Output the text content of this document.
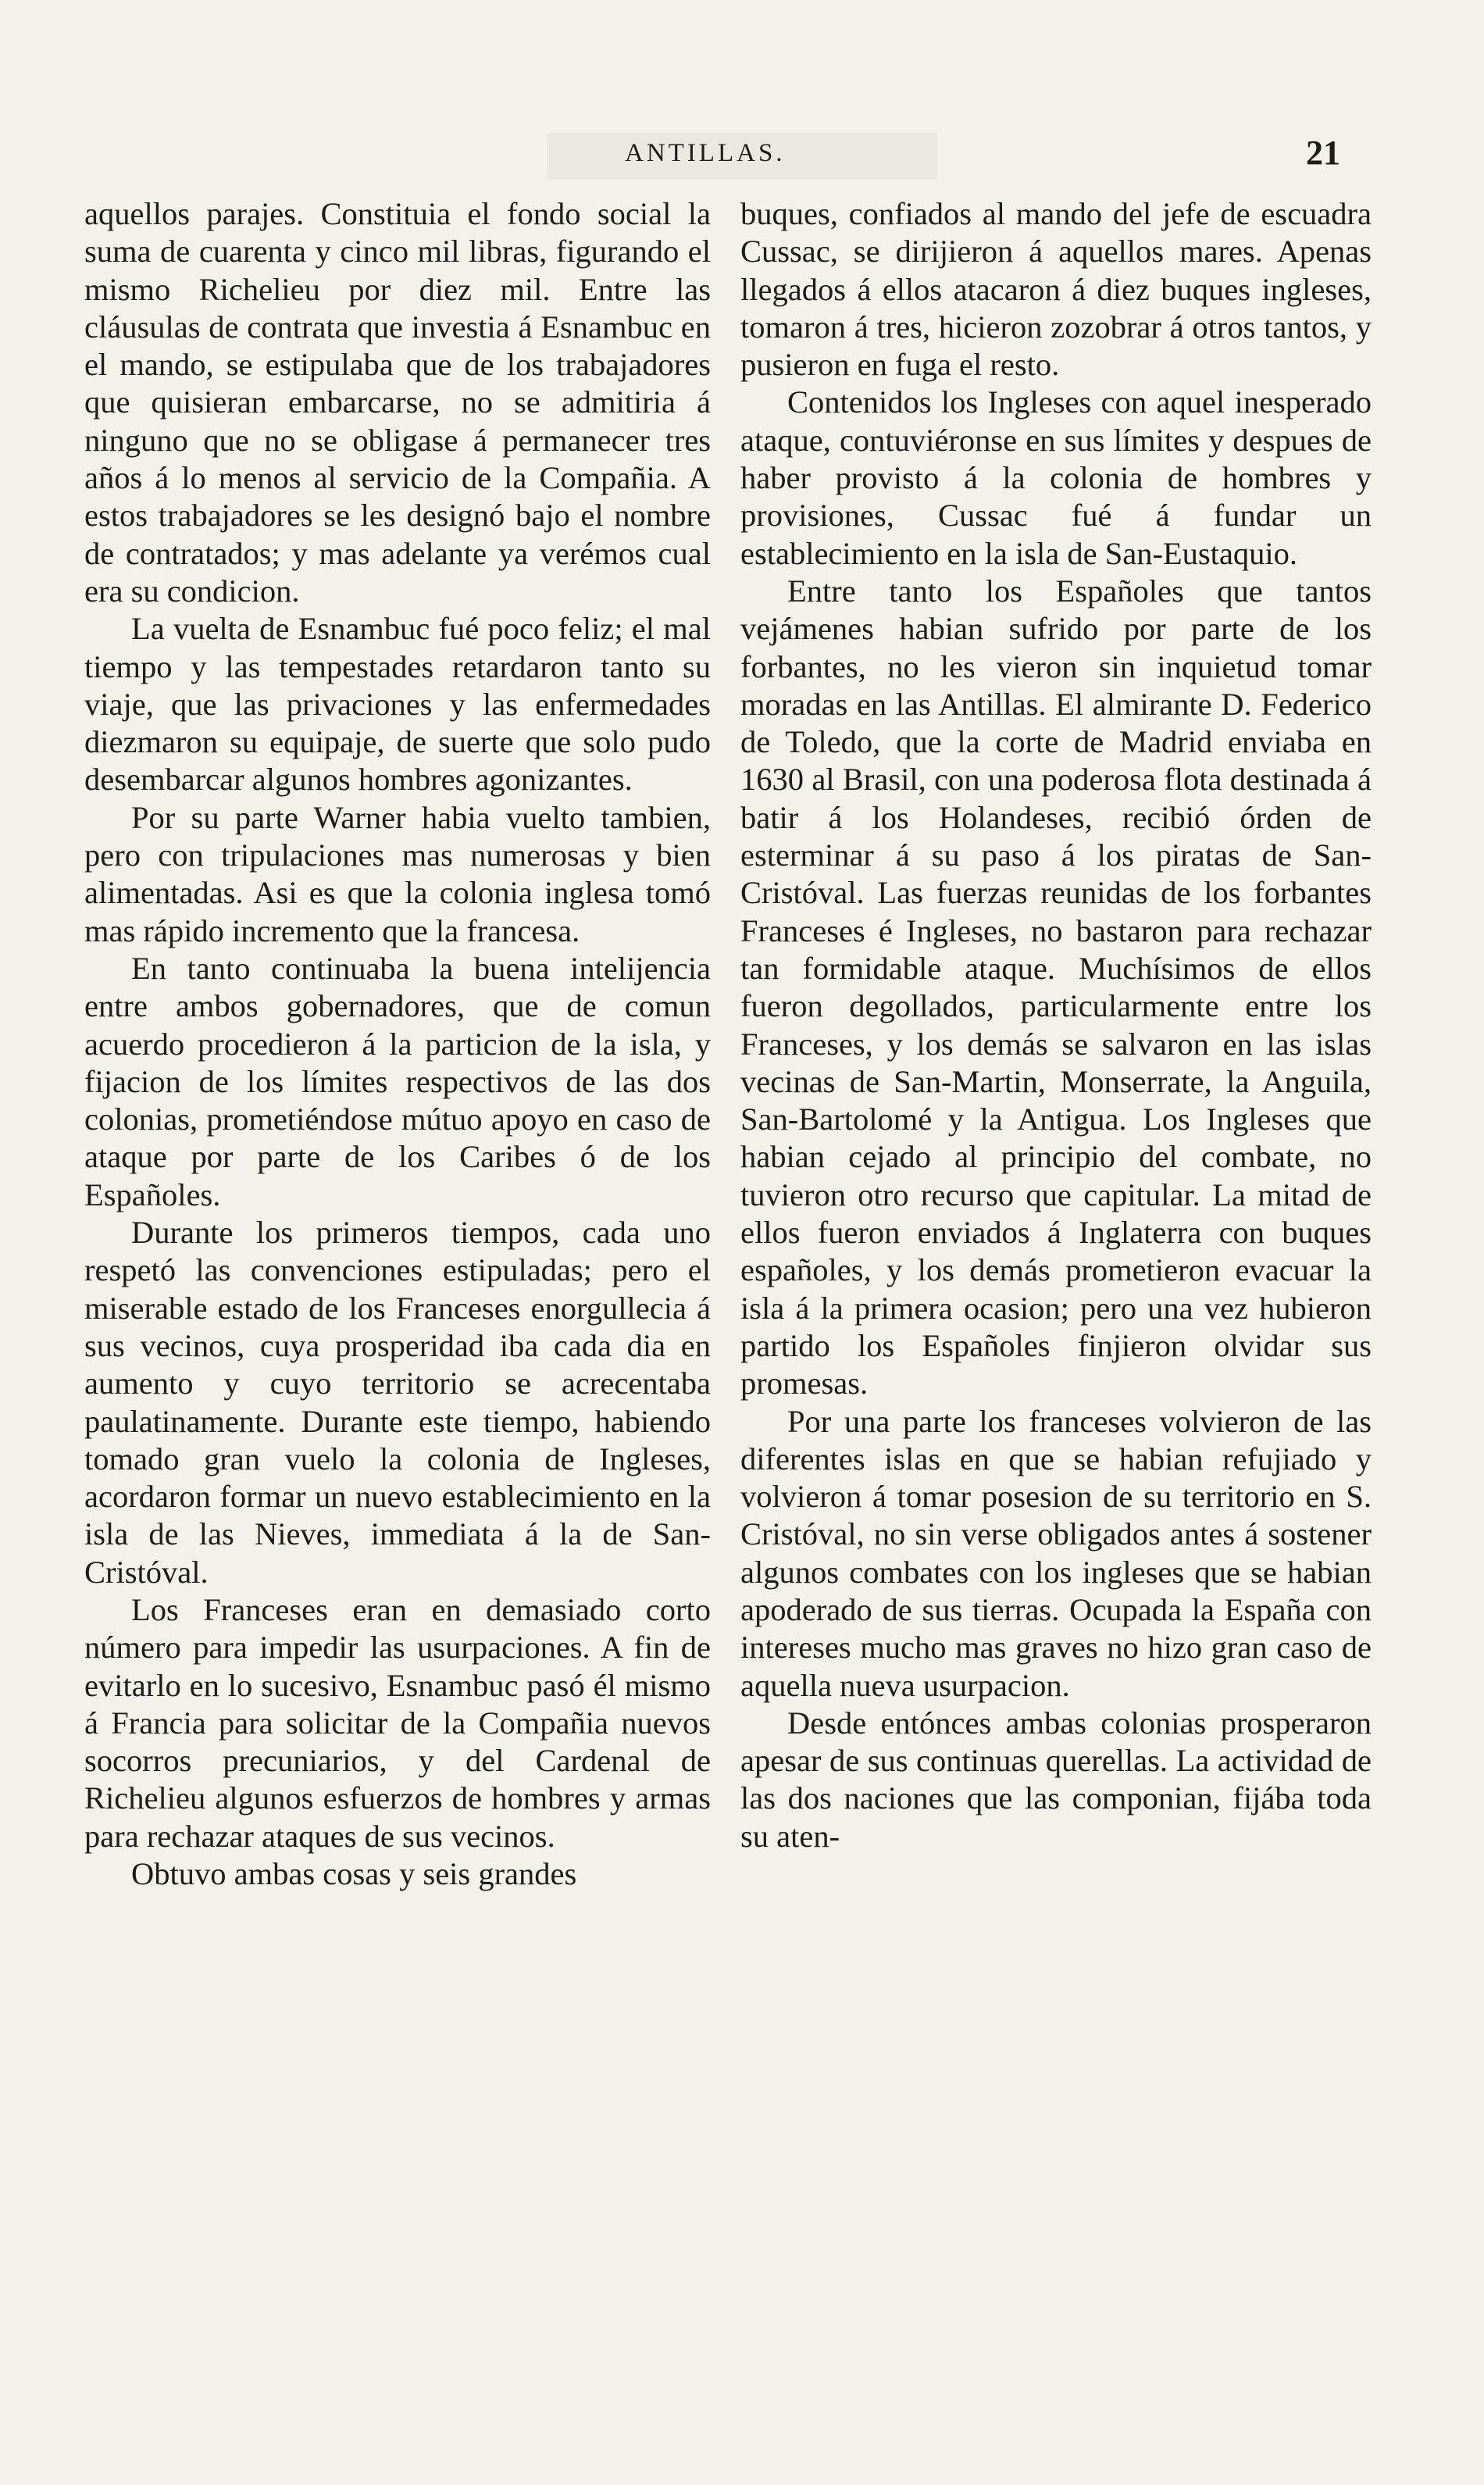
ANTILLAS.	21

aquellos parajes. Constituia el fondo social la suma de cuarenta y cinco mil libras, figurando el mismo Richelieu por diez mil. Entre las cláusulas de contrata que investia á Esnambuc en el mando, se estipulaba que de los trabajadores que quisieran embarcarse, no se admitiria á ninguno que no se obligase á permanecer tres años á lo menos al servicio de la Compañia. A estos trabajadores se les designó bajo el nombre de contratados; y mas adelante ya verémos cual era su condicion.

La vuelta de Esnambuc fué poco feliz; el mal tiempo y las tempestades retardaron tanto su viaje, que las privaciones y las enfermedades diezmaron su equipaje, de suerte que solo pudo desembarcar algunos hombres agonizantes.

Por su parte Warner habia vuelto tambien, pero con tripulaciones mas numerosas y bien alimentadas. Asi es que la colonia inglesa tomó mas rápido incremento que la francesa.

En tanto continuaba la buena intelijencia entre ambos gobernadores, que de comun acuerdo procedieron á la particion de la isla, y fijacion de los límites respectivos de las dos colonias, prometiéndose mútuo apoyo en caso de ataque por parte de los Caribes ó de los Españoles.

Durante los primeros tiempos, cada uno respetó las convenciones estipuladas; pero el miserable estado de los Franceses enorgullecia á sus vecinos, cuya prosperidad iba cada dia en aumento y cuyo territorio se acrecentaba paulatinamente. Durante este tiempo, habiendo tomado gran vuelo la colonia de Ingleses, acordaron formar un nuevo establecimiento en la isla de las Nieves, immediata á la de San-Cristóval.

Los Franceses eran en demasiado corto número para impedir las usurpaciones. A fin de evitarlo en lo sucesivo, Esnambuc pasó él mismo á Francia para solicitar de la Compañia nuevos socorros precuniarios, y del Cardenal de Richelieu algunos esfuerzos de hombres y armas para rechazar ataques de sus vecinos.

Obtuvo ambas cosas y seis grandes

buques, confiados al mando del jefe de escuadra Cussac, se dirijieron á aquellos mares. Apenas llegados á ellos atacaron á diez buques ingleses, tomaron á tres, hicieron zozobrar á otros tantos, y pusieron en fuga el resto.

Contenidos los Ingleses con aquel inesperado ataque, contuviéronse en sus límites y despues de haber provisto á la colonia de hombres y provisiones, Cussac fué á fundar un establecimiento en la isla de San-Eustaquio.

Entre tanto los Españoles que tantos vejámenes habian sufrido por parte de los forbantes, no les vieron sin inquietud tomar moradas en las Antillas. El almirante D. Federico de Toledo, que la corte de Madrid enviaba en 1630 al Brasil, con una poderosa flota destinada á batir á los Holandeses, recibió órden de esterminar á su paso á los piratas de San-Cristóval. Las fuerzas reunidas de los forbantes Franceses é Ingleses, no bastaron para rechazar tan formidable ataque. Muchísimos de ellos fueron degollados, particularmente entre los Franceses, y los demás se salvaron en las islas vecinas de San-Martin, Monserrate, la Anguila, San-Bartolomé y la Antigua. Los Ingleses que habian cejado al principio del combate, no tuvieron otro recurso que capitular. La mitad de ellos fueron enviados á Inglaterra con buques españoles, y los demás prometieron evacuar la isla á la primera ocasion; pero una vez hubieron partido los Españoles finjieron olvidar sus promesas.

Por una parte los franceses volvieron de las diferentes islas en que se habian refujiado y volvieron á tomar posesion de su territorio en S. Cristóval, no sin verse obligados antes á sostener algunos combates con los ingleses que se habian apoderado de sus tierras. Ocupada la España con intereses mucho mas graves no hizo gran caso de aquella nueva usurpacion.

Desde entónces ambas colonias prosperaron apesar de sus continuas querellas. La actividad de las dos naciones que las componian, fijába toda su aten-
